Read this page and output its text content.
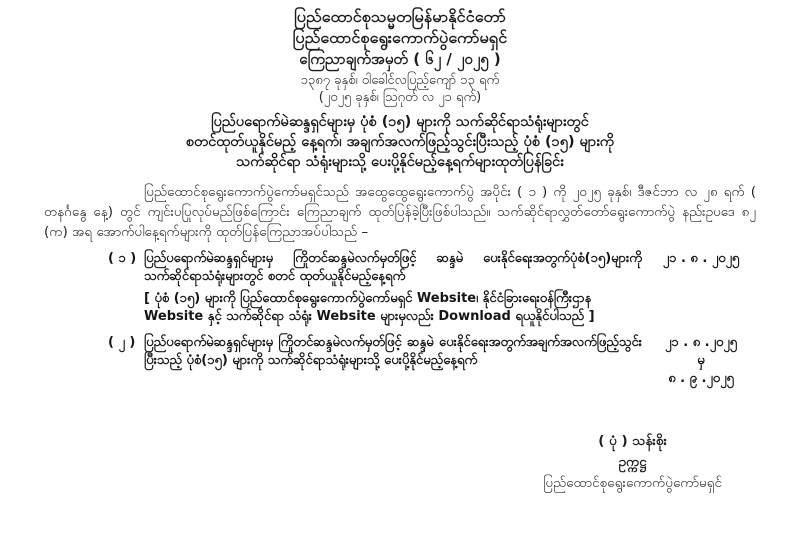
ပြည်ထောင်စုသမ္မတမြန်မာနိုင်ငံတော်
ပြည်ထောင်စုရွေးကောက်ပွဲကော်မရှင်
ကြေညာချက်အမှတ် ( ၆၂ / ၂၀၂၅ )
၁၃၈၇ ခုနှစ်၊ ဝါခေါင်လပြည့်ကျော် ၁၃ ရက်
(၂၀၂၅ ခုနှစ်၊ ဩဂုတ် လ ၂၁ ရက်)
ပြည်ပရောက်မဲဆန္ဒရှင်များမှ ပုံစံ (၁၅) များကို သက်ဆိုင်ရာသံရုံးများတွင်
စတင်ထုတ်ယူနိုင်မည့် နေ့ရက်၊ အချက်အလက်ဖြည့်သွင်းပြီးသည့် ပုံစံ (၁၅) များကို
သက်ဆိုင်ရာ သံရုံးများသို့ ပေးပို့နိုင်မည့်နေ့ရက်များထုတ်ပြန်ခြင်း
ပြည်ထောင်စုရွေးကောက်ပွဲကော်မရှင်သည် အထွေထွေရွေးကောက်ပွဲ အပိုင်း ( ၁ ) ကို ၂၀၂၅ ခုနှစ်၊ ဒီဇင်ဘာ လ ၂၈ ရက် ( တနင်္ဂနွေ နေ့) တွင် ကျင်းပပြုလုပ်မည်ဖြစ်ကြောင်း ကြေညာချက် ထုတ်ပြန်ခဲ့ပြီးဖြစ်ပါသည်။ သက်ဆိုင်ရာလွှတ်တော်ရွေးကောက်ပွဲ နည်းဥပဒေ ၈၂ (က) အရ အောက်ပါနေ့ရက်များကို ထုတ်ပြန်ကြေညာအပ်ပါသည် –
( ၁ ) ပြည်ပရောက်မဲဆန္ဒရှင်များမှ ကြိုတင်ဆန္ဒမဲလက်မှတ်ဖြင့် ဆန္ဒမဲ ပေးနိုင်ရေးအတွက်ပုံစံ(၁၅)များကို သက်ဆိုင်ရာသံရုံးများတွင် စတင် ထုတ်ယူနိုင်မည့်နေ့ရက်
[ ပုံစံ (၁၅) များကို ပြည်ထောင်စုရွေးကောက်ပွဲကော်မရှင် Website၊ နိုင်ငံခြားရေးဝန်ကြီးဌာန Website နှင့် သက်ဆိုင်ရာ သံရုံး Website များမှလည်း Download ရယူနိုင်ပါသည် ]
၂၁ . ၈ . ၂၀၂၅
( ၂ ) ပြည်ပရောက်မဲဆန္ဒရှင်များမှ ကြိုတင်ဆန္ဒမဲလက်မှတ်ဖြင့် ဆန္ဒမဲ ပေးနိုင်ရေးအတွက်အချက်အလက်ဖြည့်သွင်းပြီးသည့် ပုံစံ(၁၅) များကို သက်ဆိုင်ရာသံရုံးများသို့ ပေးပို့နိုင်မည့်နေ့ရက်
၂၁ . ၈ .၂၀၂၅
မှ
၈ . ၉ .၂၀၂၅
( ပုံ ) သန်းစိုး
ဥက္ကဋ္ဌ
ပြည်ထောင်စုရွေးကောက်ပွဲကော်မရှင်
